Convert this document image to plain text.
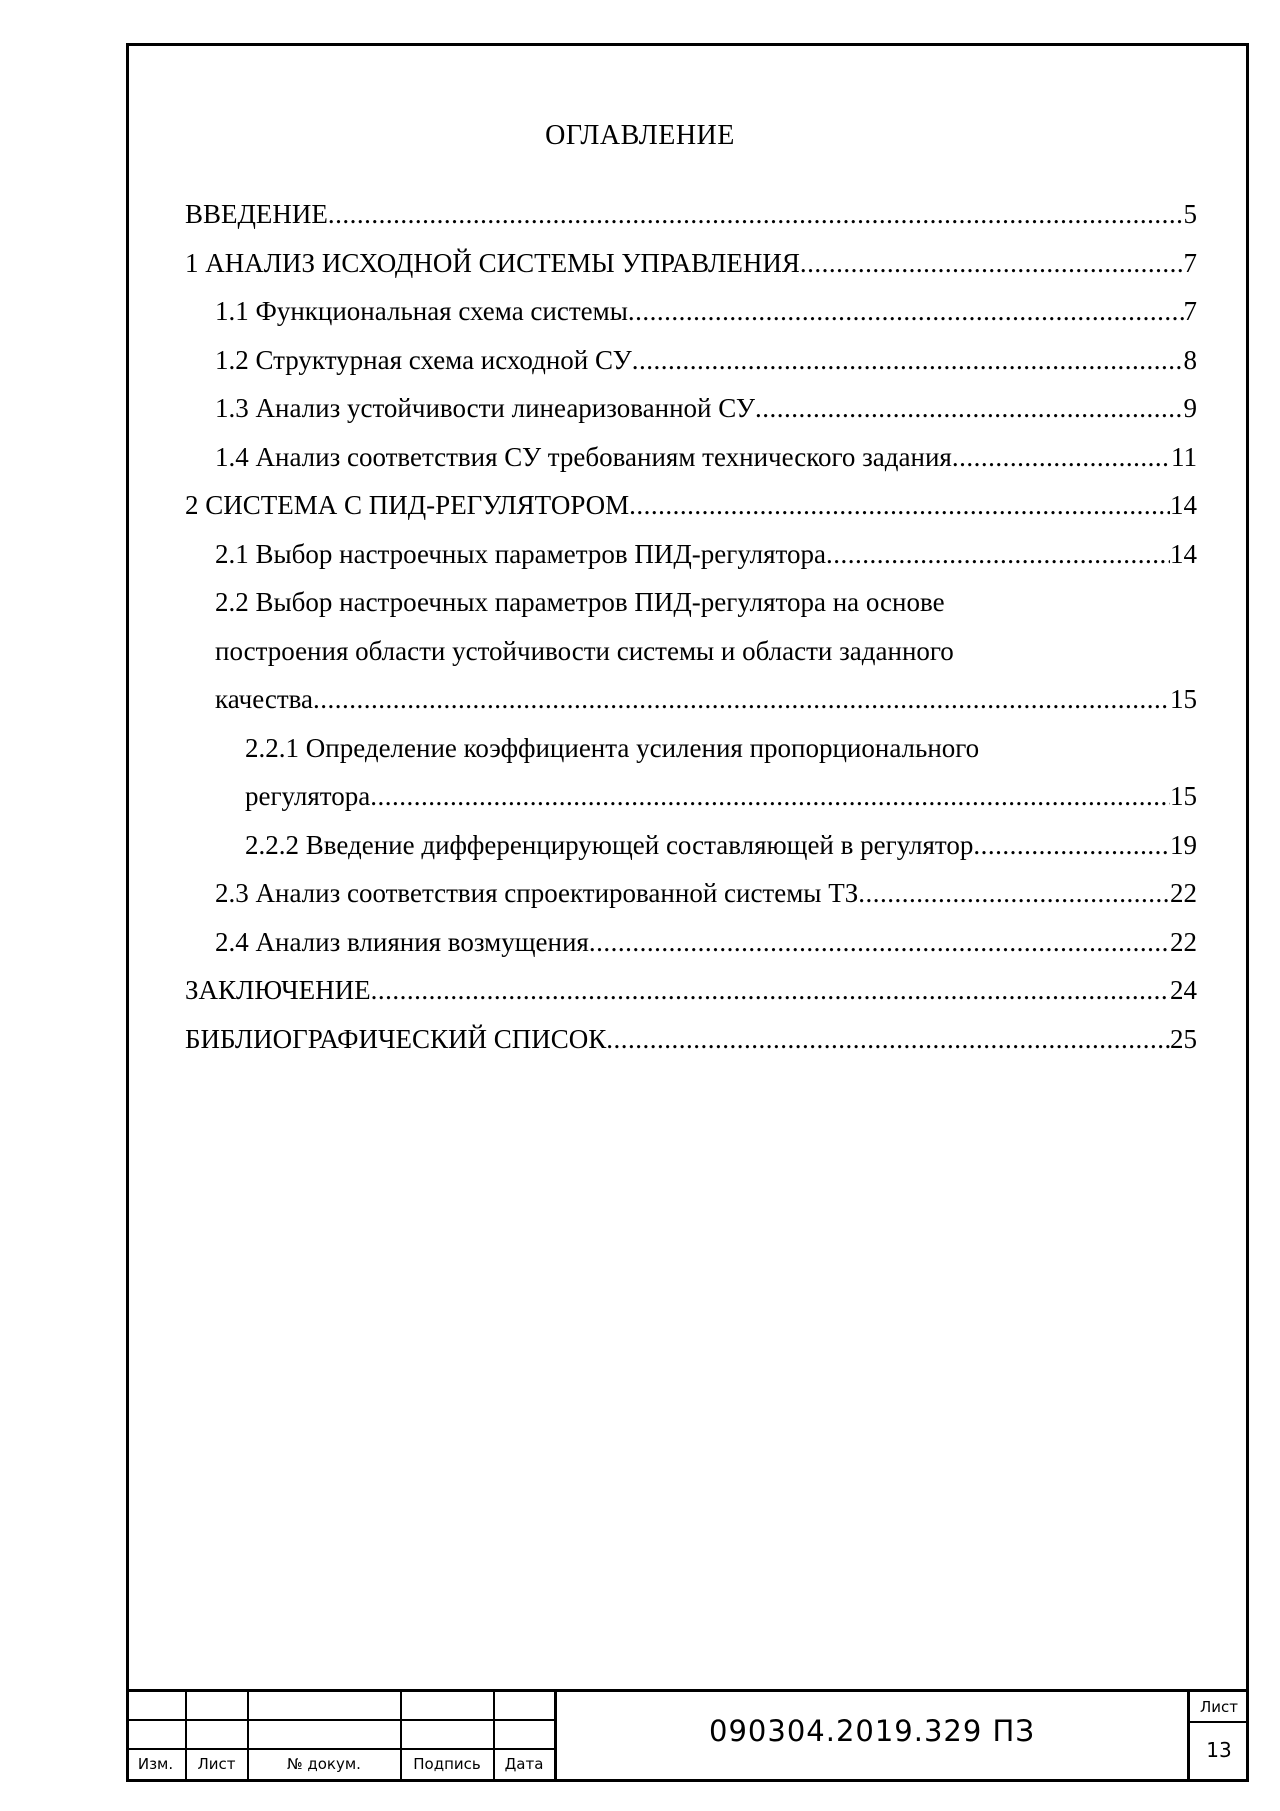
ОГЛАВЛЕНИЕ
ВВЕДЕНИЕ .....	5
1 АНАЛИЗ ИСХОДНОЙ СИСТЕМЫ УПРАВЛЕНИЯ .....	7
1.1 Функциональная схема системы .....	7
1.2 Структурная схема исходной СУ .....	8
1.3 Анализ устойчивости линеаризованной СУ .....	9
1.4 Анализ соответствия СУ требованиям технического задания .....	11
2 СИСТЕМА С ПИД-РЕГУЛЯТОРОМ .....	14
2.1 Выбор настроечных параметров ПИД-регулятора .....	14
2.2 Выбор настроечных параметров ПИД-регулятора на основе
построения области устойчивости системы и области заданного
качества .....	15
2.2.1 Определение коэффициента усиления пропорционального
регулятора .....	15
2.2.2 Введение дифференцирующей составляющей в регулятор .....	19
2.3 Анализ соответствия спроектированной системы ТЗ .....	22
2.4 Анализ влияния возмущения .....	22
ЗАКЛЮЧЕНИЕ .....	24
БИБЛИОГРАФИЧЕСКИЙ СПИСОК .....	25
Изм.	Лист	№ докум.	Подпись	Дата
090304.2019.329 ПЗ
Лист
13
